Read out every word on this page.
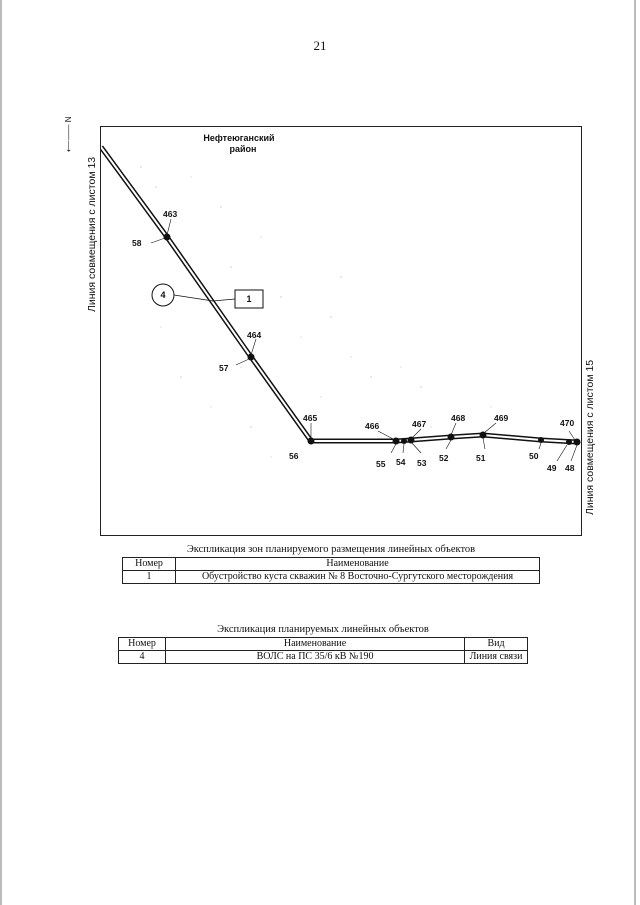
21
⟵—— N
Линия совмещения с листом 13
Линия совмещения с листом 15
Нефтеюганский
район
463
58
464
57
465
56
466
55 54
467
53
468
52
469
51	50
470
49 48
4	1
Экспликация зон планируемого размещения линейных объектов
Номер	Наименование
1	Обустройство куста скважин № 8 Восточно-Сургутского месторождения
Экспликация планируемых линейных объектов
Номер	Наименование	Вид
4	ВОЛС на ПС 35/6 кВ №190	Линия связи
